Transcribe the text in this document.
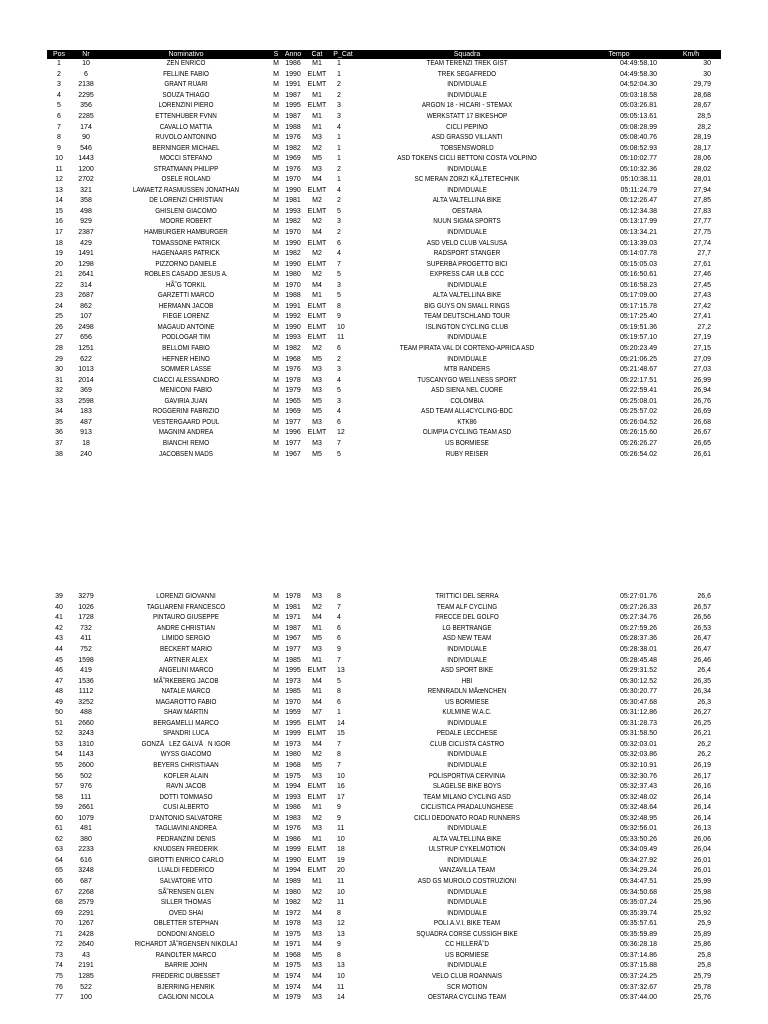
Pos	Nr	Nominativo	S	Anno	Cat	P_Cat	Squadra	Tempo	Km/h
1	10	ZEN ENRICO	M	1986	M1	1	TEAM TERENZI TREK GIST	04:49:58.10	30
2	6	FELLINE FABIO	M	1990	ELMT	1	TREK SEGAFREDO	04:49:58.30	30
3	2138	GRANT RUARI	M	1991	ELMT	2	INDIVIDUALE	04:52:04.30	29,79
4	2295	SOUZA THIAGO	M	1987	M1	2	INDIVIDUALE	05:03:18.58	28,68
5	356	LORENZINI PIERO	M	1995	ELMT	3	ARGON 18 - HICARI - STEMAX	05:03:26.81	28,67
6	2285	ETTENHUBER FVNN	M	1987	M1	3	WERKSTATT 17 BIKESHOP	05:05:13.61	28,5
7	174	CAVALLO MATTIA	M	1988	M1	4	CICLI PEPINO	05:08:28.99	28,2
8	90	RUVOLO ANTONINO	M	1976	M3	1	ASD GRASSO VILLANTI	05:08:40.76	28,19
9	546	BERNINGER MICHAEL	M	1982	M2	1	TOBSENSWORLD	05:08:52.93	28,17
10	1443	MOCCI STEFANO	M	1969	M5	1	ASD TOKENS CICLI BETTONI COSTA VOLPINO	05:10:02.77	28,06
11	1200	STRATMANN PHILIPP	M	1976	M3	2	INDIVIDUALE	05:10:32.36	28,02
12	2702	OSELE ROLAND	M	1970	M4	1	SC MERAN ZORZI KÃ„LTETECHNIK	05:10:38.11	28,01
13	321	LAWAETZ RASMUSSEN JONATHAN	M	1990	ELMT	4	INDIVIDUALE	05:11:24.79	27,94
14	358	DE LORENZI CHRISTIAN	M	1981	M2	2	ALTA VALTELLINA BIKE	05:12:26.47	27,85
15	498	GHISLENI GIACOMO	M	1993	ELMT	5	OESTARA	05:12:34.38	27,83
16	929	MOORE ROBERT	M	1982	M2	3	NUUN SIGMA SPORTS	05:13:17.99	27,77
17	2387	HAMBURGER HAMBURGER	M	1970	M4	2	INDIVIDUALE	05:13:34.21	27,75
18	429	TOMASSONE PATRICK	M	1990	ELMT	6	ASD VELO CLUB VALSUSA	05:13:39.03	27,74
19	1491	HAGENAARS PATRICK	M	1982	M2	4	RADSPORT STANGER	05:14:07.78	27,7
20	1298	PIZZORNO DANIELE	M	1990	ELMT	7	SUPERBA PROGETTO BICI	05:15:05.03	27,61
21	2641	ROBLES CASADO JESUS A.	M	1980	M2	5	EXPRESS CAR ULB CCC	05:16:50.61	27,46
22	314	HÃ˜G TORKIL	M	1970	M4	3	INDIVIDUALE	05:16:58.23	27,45
23	2687	GARZETTI MARCO	M	1988	M1	5	ALTA VALTELLINA BIKE	05:17:09.00	27,43
24	862	HERMANN JACOB	M	1991	ELMT	8	BIG GUYS ON SMALL RINGS	05:17:15.78	27,42
25	107	FIEGE LORENZ	M	1992	ELMT	9	TEAM DEUTSCHLAND TOUR	05:17:25.40	27,41
26	2498	MAGAUD ANTOINE	M	1990	ELMT	10	ISLINGTON CYCLING CLUB	05:19:51.36	27,2
27	656	PODLOGAR TIM	M	1993	ELMT	11	INDIVIDUALE	05:19:57.10	27,19
28	1251	BELLOMI FABIO	M	1982	M2	6	TEAM PIRATA VAL DI CORTENO-APRICA ASD	05:20:23.49	27,15
29	622	HEFNER HEINO	M	1968	M5	2	INDIVIDUALE	05:21:06.25	27,09
30	1013	SOMMER LASSE	M	1976	M3	3	MTB RANDERS	05:21:48.67	27,03
31	2014	CIACCI ALESSANDRO	M	1978	M3	4	TUSCANYGO WELLNESS SPORT	05:22:17.51	26,99
32	369	MENICONI FABIO	M	1979	M3	5	ASD SIENA NEL CUORE	05:22:59.41	26,94
33	2598	GAVIRIA JUAN	M	1965	M5	3	COLOMBIA	05:25:08.01	26,76
34	183	ROGGERINI FABRIZIO	M	1969	M5	4	ASD TEAM ALL4CYCLING-BDC	05:25:57.02	26,69
35	487	VESTERGAARD POUL	M	1977	M3	6	KTK86	05:26:04.52	26,68
36	913	MAGNINI ANDREA	M	1996	ELMT	12	OLIMPIA CYCLING TEAM ASD	05:26:15.60	26,67
37	18	BIANCHI REMO	M	1977	M3	7	US BORMIESE	05:26:26.27	26,65
38	240	JACOBSEN MADS	M	1967	M5	5	RUBY REISER	05:26:54.02	26,61
39	3279	LORENZI GIOVANNI	M	1978	M3	8	TRITTICI DEL SERRA	05:27:01.76	26,6
40	1026	TAGLIARENI FRANCESCO	M	1981	M2	7	TEAM ALF CYCLING	05:27:26.33	26,57
41	1728	PINTAURO GIUSEPPE	M	1971	M4	4	FRECCE DEL GOLFO	05:27:34.76	26,56
42	732	ANDRE CHRISTIAN	M	1987	M1	6	LG BERTRANGE	05:27:59.26	26,53
43	411	LIMIDO SERGIO	M	1967	M5	6	ASD NEW TEAM	05:28:37.36	26,47
44	752	BECKERT MARIO	M	1977	M3	9	INDIVIDUALE	05:28:38.01	26,47
45	1598	ARTNER ALEX	M	1985	M1	7	INDIVIDUALE	05:28:45.48	26,46
46	419	ANGELINI MARCO	M	1995	ELMT	13	ASD SPORT BIKE	05:29:31.52	26,4
47	1536	MÃ˜RKEBERG JACOB	M	1973	M4	5	HBI	05:30:12.52	26,35
48	1112	NATALE MARCO	M	1985	M1	8	RENNRADLN MÃœNCHEN	05:30:20.77	26,34
49	3252	MAGAROTTO FABIO	M	1970	M4	6	US BORMIESE	05:30:47.68	26,3
50	488	SHAW MARTIN	M	1959	M7	1	KULMINE W.A.C.	05:31:12.86	26,27
51	2660	BERGAMELLI MARCO	M	1995	ELMT	14	INDIVIDUALE	05:31:28.73	26,25
52	3243	SPANDRI LUCA	M	1999	ELMT	15	PEDALE LECCHESE	05:31:58.50	26,21
53	1310	GONZÃLEZ GALVÃN IGOR	M	1973	M4	7	CLUB CICLISTA CASTRO	05:32:03.01	26,2
54	1143	WYSS GIACOMO	M	1980	M2	8	INDIVIDUALE	05:32:03.86	26,2
55	2600	BEYERS CHRISTIAAN	M	1968	M5	7	INDIVIDUALE	05:32:10.91	26,19
56	502	KOFLER ALAIN	M	1975	M3	10	POLISPORTIVA CERVINIA	05:32:30.76	26,17
57	976	RAVN JACOB	M	1994	ELMT	16	SLAGELSE BIKE BOYS	05:32:37.43	26,16
58	111	DOTTI TOMMASO	M	1993	ELMT	17	TEAM MILANO CYCLING ASD	05:32:48.02	26,14
59	2661	CUSI ALBERTO	M	1986	M1	9	CICLISTICA PRADALUNGHESE	05:32:48.64	26,14
60	1079	D'ANTONIO SALVATORE	M	1983	M2	9	CICLI DEDONATO ROAD RUNNERS	05:32:48.95	26,14
61	481	TAGLIAVINI ANDREA	M	1976	M3	11	INDIVIDUALE	05:32:56.01	26,13
62	380	PEDRANZINI DENIS	M	1986	M1	10	ALTA VALTELLINA BIKE	05:33:50.26	26,06
63	2233	KNUDSEN FREDERIK	M	1999	ELMT	18	ULSTRUP CYKELMOTION	05:34:09.49	26,04
64	616	GIROTTI ENRICO CARLO	M	1990	ELMT	19	INDIVIDUALE	05:34:27.92	26,01
65	3248	LUALDI FEDERICO	M	1994	ELMT	20	VANZAVILLA TEAM	05:34:29.24	26,01
66	687	SALVATORE VITO	M	1989	M1	11	ASD GS MUROLO COSTRUZIONI	05:34:47.51	25,99
67	2268	SÃ˜RENSEN GLEN	M	1980	M2	10	INDIVIDUALE	05:34:50.68	25,98
68	2579	SILLER THOMAS	M	1982	M2	11	INDIVIDUALE	05:35:07.24	25,96
69	2291	OVED SHAI	M	1972	M4	8	INDIVIDUALE	05:35:39.74	25,92
70	1267	OBLETTER STEPHAN	M	1978	M3	12	POLI.A.V.I. BIKE TEAM	05:35:57.61	25,9
71	2428	DONDONI ANGELO	M	1975	M3	13	SQUADRA CORSE CUSSIGH BIKE	05:35:59.89	25,89
72	2640	RICHARDT JÃ˜RGENSEN NIKOLAJ	M	1971	M4	9	CC HILLERÃ˜D	05:36:28.18	25,86
73	43	RAINOLTER MARCO	M	1968	M5	8	US BORMIESE	05:37:14.86	25,8
74	2191	BARRIE JOHN	M	1975	M3	13	INDIVIDUALE	05:37:15.88	25,8
75	1285	FREDERIC DUBESSET	M	1974	M4	10	VELO CLUB ROANNAIS	05:37:24.25	25,79
76	522	BJERRING HENRIK	M	1974	M4	11	SCR MOTION	05:37:32.67	25,78
77	100	CAGLIONI NICOLA	M	1979	M3	14	OESTARA CYCLING TEAM	05:37:44.00	25,76
